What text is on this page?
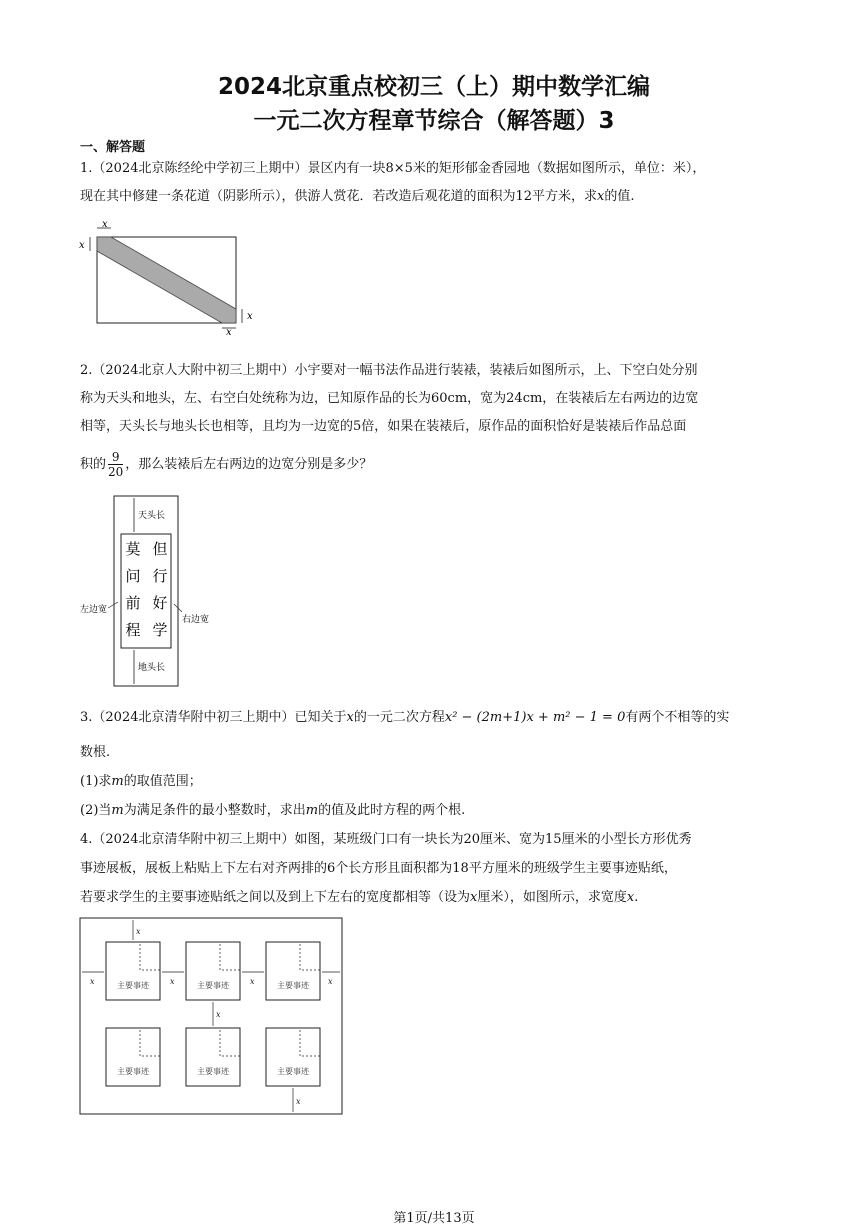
2024北京重点校初三（上）期中数学汇编
一元二次方程章节综合（解答题）3
一、解答题
1.（2024北京陈经纶中学初三上期中）景区内有一块8×5米的矩形郁金香园地（数据如图所示，单位：米），
现在其中修建一条花道（阴影所示），供游人赏花．若改造后观花道的面积为12平方米，求x的值.
x
x
x
x
2.（2024北京人大附中初三上期中）小宇要对一幅书法作品进行装裱，装裱后如图所示，上、下空白处分别
称为天头和地头，左、右空白处统称为边，已知原作品的长为60cm，宽为24cm，在装裱后左右两边的边宽
相等，天头长与地头长也相等，且均为一边宽的5倍，如果在装裱后，原作品的面积恰好是装裱后作品总面
积的 $\frac{9}{20}$ ，那么装裱后左右两边的边宽分别是多少？
天头长
地头长
左边宽
右边宽
但
行
好
学
莫
问
前
程
3.（2024北京清华附中初三上期中）已知关于x的一元二次方程x² − (2m+1)x + m² − 1 = 0有两个不相等的实
数根.
(1)求m的取值范围；
(2)当m为满足条件的最小整数时，求出m的值及此时方程的两个根.
4.（2024北京清华附中初三上期中）如图，某班级门口有一块长为20厘米、宽为15厘米的小型长方形优秀
事迹展板，展板上粘贴上下左右对齐两排的6个长方形且面积都为18平方厘米的班级学生主要事迹贴纸，
若要求学生的主要事迹贴纸之间以及到上下左右的宽度都相等（设为x厘米），如图所示，求宽度x.
主要事迹	主要事迹	主要事迹
主要事迹	主要事迹	主要事迹
x
x	x	x	x
x
x
第1页/共13页
